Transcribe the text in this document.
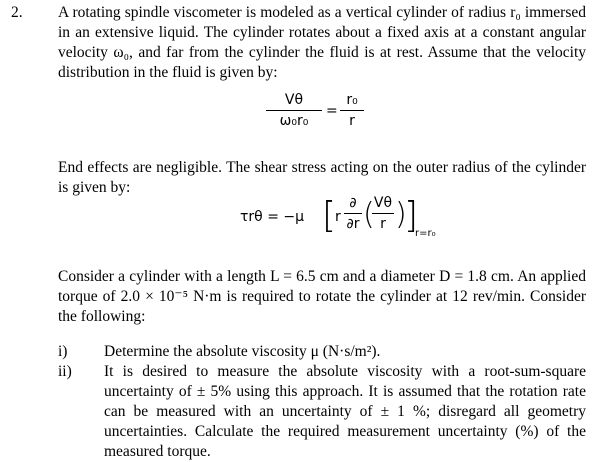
2. A rotating spindle viscometer is modeled as a vertical cylinder of radius r₀ immersed in an extensive liquid. The cylinder rotates about a fixed axis at a constant angular velocity ω₀, and far from the cylinder the fluid is at rest. Assume that the velocity distribution in the fluid is given by:

Vθ
ω₀r₀
=
r₀
r

End effects are negligible. The shear stress acting on the outer radius of the cylinder is given by:

τrθ = −μ [
r
∂
∂r ( Vθ
r )
]
r=r₀

Consider a cylinder with a length L = 6.5 cm and a diameter D = 1.8 cm. An applied torque of 2.0 × 10⁻⁵ N·m is required to rotate the cylinder at 12 rev/min. Consider the following:

i) Determine the absolute viscosity μ (N·s/m²).
ii) It is desired to measure the absolute viscosity with a root-sum-square uncertainty of ± 5% using this approach. It is assumed that the rotation rate can be measured with an uncertainty of ± 1 %; disregard all geometry uncertainties. Calculate the required measurement uncertainty (%) of the measured torque.
